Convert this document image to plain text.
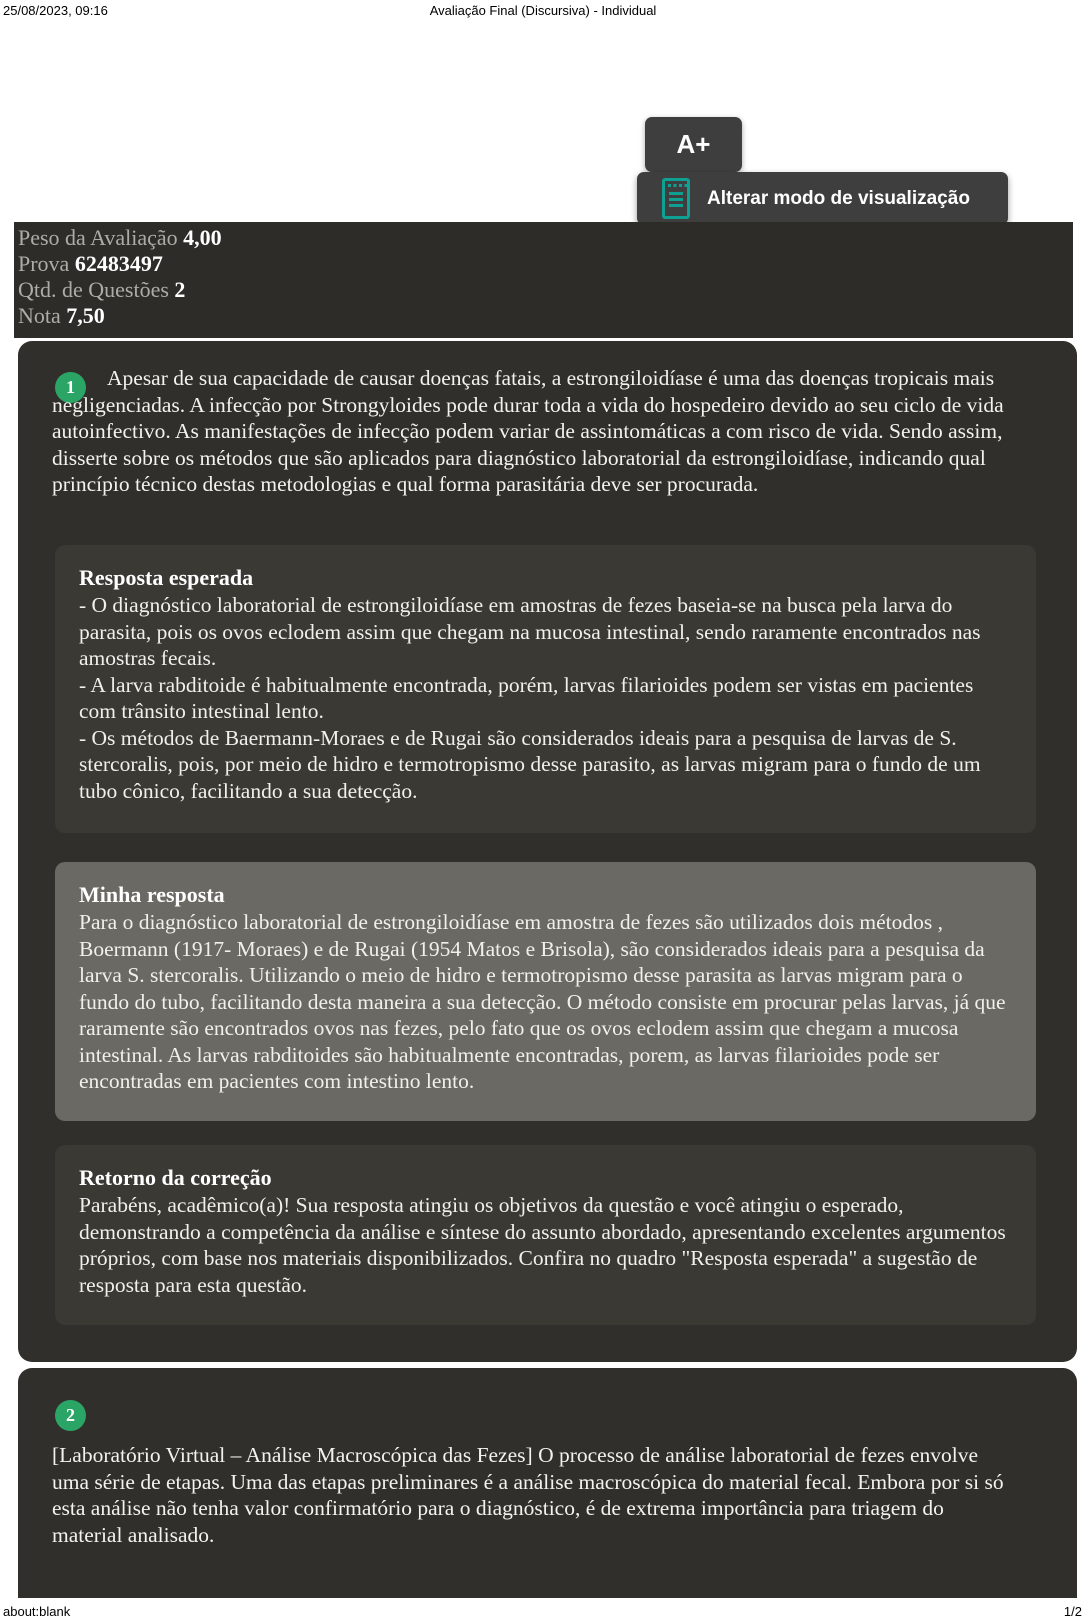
25/08/2023, 09:16	Avaliação Final (Discursiva) - Individual
A+
Alterar modo de visualização
Peso da Avaliação 4,00
Prova 62483497
Qtd. de Questões 2
Nota 7,50
1	Apesar de sua capacidade de causar doenças fatais, a estrongiloidíase é uma das doenças tropicais mais negligenciadas. A infecção por Strongyloides pode durar toda a vida do hospedeiro devido ao seu ciclo de vida autoinfectivo. As manifestações de infecção podem variar de assintomáticas a com risco de vida. Sendo assim, disserte sobre os métodos que são aplicados para diagnóstico laboratorial da estrongiloidíase, indicando qual princípio técnico destas metodologias e qual forma parasitária deve ser procurada.
Resposta esperada
- O diagnóstico laboratorial de estrongiloidíase em amostras de fezes baseia-se na busca pela larva do parasita, pois os ovos eclodem assim que chegam na mucosa intestinal, sendo raramente encontrados nas amostras fecais.
- A larva rabditoide é habitualmente encontrada, porém, larvas filarioides podem ser vistas em pacientes com trânsito intestinal lento.
- Os métodos de Baermann-Moraes e de Rugai são considerados ideais para a pesquisa de larvas de S. stercoralis, pois, por meio de hidro e termotropismo desse parasito, as larvas migram para o fundo de um tubo cônico, facilitando a sua detecção.
Minha resposta
Para o diagnóstico laboratorial de estrongiloidíase em amostra de fezes são utilizados dois métodos , Boermann (1917- Moraes) e de Rugai (1954 Matos e Brisola), são considerados ideais para a pesquisa da larva S. stercoralis. Utilizando o meio de hidro e termotropismo desse parasita as larvas migram para o fundo do tubo, facilitando desta maneira a sua detecção. O método consiste em procurar pelas larvas, já que raramente são encontrados ovos nas fezes, pelo fato que os ovos eclodem assim que chegam a mucosa intestinal. As larvas rabditoides são habitualmente encontradas, porem, as larvas filarioides pode ser encontradas em pacientes com intestino lento.
Retorno da correção
Parabéns, acadêmico(a)! Sua resposta atingiu os objetivos da questão e você atingiu o esperado, demonstrando a competência da análise e síntese do assunto abordado, apresentando excelentes argumentos próprios, com base nos materiais disponibilizados. Confira no quadro "Resposta esperada" a sugestão de resposta para esta questão.
2
[Laboratório Virtual – Análise Macroscópica das Fezes] O processo de análise laboratorial de fezes envolve uma série de etapas. Uma das etapas preliminares é a análise macroscópica do material fecal. Embora por si só esta análise não tenha valor confirmatório para o diagnóstico, é de extrema importância para triagem do material analisado.
about:blank	1/2
